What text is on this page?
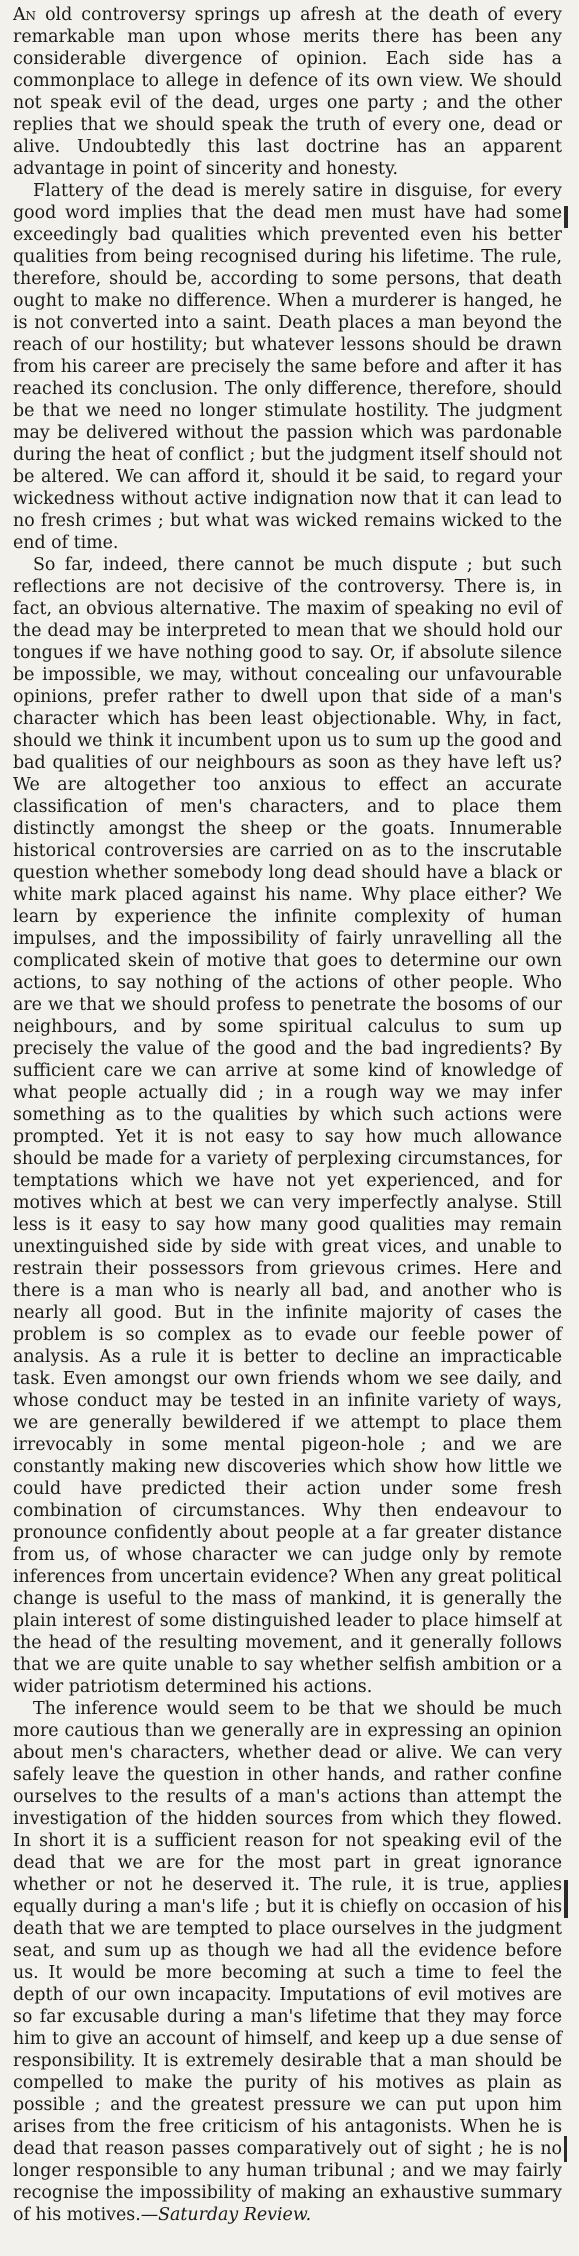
An old controversy springs up afresh at the death of every remarkable man upon whose merits there has been any considerable divergence of opinion. Each side has a commonplace to allege in defence of its own view. We should not speak evil of the dead, urges one party ; and the other replies that we should speak the truth of every one, dead or alive. Undoubtedly this last doctrine has an apparent advantage in point of sincerity and honesty.

Flattery of the dead is merely satire in disguise, for every good word implies that the dead men must have had some exceedingly bad qualities which prevented even his better qualities from being recognised during his lifetime. The rule, therefore, should be, according to some persons, that death ought to make no difference. When a murderer is hanged, he is not converted into a saint. Death places a man beyond the reach of our hostility; but whatever lessons should be drawn from his career are precisely the same before and after it has reached its conclusion. The only difference, therefore, should be that we need no longer stimulate hostility. The judgment may be delivered without the passion which was pardonable during the heat of conflict ; but the judgment itself should not be altered. We can afford it, should it be said, to regard your wickedness without active indignation now that it can lead to no fresh crimes ; but what was wicked remains wicked to the end of time.

So far, indeed, there cannot be much dispute ; but such reflections are not decisive of the controversy. There is, in fact, an obvious alternative. The maxim of speaking no evil of the dead may be interpreted to mean that we should hold our tongues if we have nothing good to say. Or, if absolute silence be impossible, we may, without concealing our unfavourable opinions, prefer rather to dwell upon that side of a man's character which has been least objectionable. Why, in fact, should we think it incumbent upon us to sum up the good and bad qualities of our neighbours as soon as they have left us? We are altogether too anxious to effect an accurate classification of men's characters, and to place them distinctly amongst the sheep or the goats. Innumerable historical controversies are carried on as to the inscrutable question whether somebody long dead should have a black or white mark placed against his name. Why place either? We learn by experience the infinite complexity of human impulses, and the impossibility of fairly unravelling all the complicated skein of motive that goes to determine our own actions, to say nothing of the actions of other people. Who are we that we should profess to penetrate the bosoms of our neighbours, and by some spiritual calculus to sum up precisely the value of the good and the bad ingredients? By sufficient care we can arrive at some kind of knowledge of what people actually did ; in a rough way we may infer something as to the qualities by which such actions were prompted. Yet it is not easy to say how much allowance should be made for a variety of perplexing circumstances, for temptations which we have not yet experienced, and for motives which at best we can very imperfectly analyse. Still less is it easy to say how many good qualities may remain unextinguished side by side with great vices, and unable to restrain their possessors from grievous crimes. Here and there is a man who is nearly all bad, and another who is nearly all good. But in the infinite majority of cases the problem is so complex as to evade our feeble power of analysis. As a rule it is better to decline an impracticable task. Even amongst our own friends whom we see daily, and whose conduct may be tested in an infinite variety of ways, we are generally bewildered if we attempt to place them irrevocably in some mental pigeon-hole ; and we are constantly making new discoveries which show how little we could have predicted their action under some fresh combination of circumstances. Why then endeavour to pronounce confidently about people at a far greater distance from us, of whose character we can judge only by remote inferences from uncertain evidence? When any great political change is useful to the mass of mankind, it is generally the plain interest of some distinguished leader to place himself at the head of the resulting movement, and it generally follows that we are quite unable to say whether selfish ambition or a wider patriotism determined his actions.

The inference would seem to be that we should be much more cautious than we generally are in expressing an opinion about men's characters, whether dead or alive. We can very safely leave the question in other hands, and rather confine ourselves to the results of a man's actions than attempt the investigation of the hidden sources from which they flowed. In short it is a sufficient reason for not speaking evil of the dead that we are for the most part in great ignorance whether or not he deserved it. The rule, it is true, applies equally during a man's life ; but it is chiefly on occasion of his death that we are tempted to place ourselves in the judgment seat, and sum up as though we had all the evidence before us. It would be more becoming at such a time to feel the depth of our own incapacity. Imputations of evil motives are so far excusable during a man's lifetime that they may force him to give an account of himself, and keep up a due sense of responsibility. It is extremely desirable that a man should be compelled to make the purity of his motives as plain as possible ; and the greatest pressure we can put upon him arises from the free criticism of his antagonists. When he is dead that reason passes comparatively out of sight ; he is no longer responsible to any human tribunal ; and we may fairly recognise the impossibility of making an exhaustive summary of his motives.—Saturday Review.
